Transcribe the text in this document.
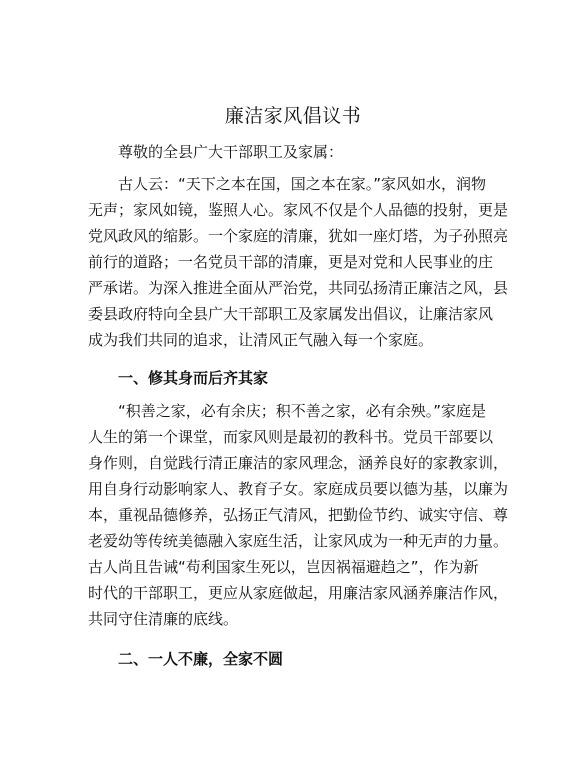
廉洁家风倡议书
尊敬的全县广大干部职工及家属：
古人云：“天下之本在国，国之本在家。”家风如水，润物
无声；家风如镜，鉴照人心。家风不仅是个人品德的投射，更是
党风政风的缩影。一个家庭的清廉，犹如一座灯塔，为子孙照亮
前行的道路；一名党员干部的清廉，更是对党和人民事业的庄
严承诺。为深入推进全面从严治党，共同弘扬清正廉洁之风，县
委县政府特向全县广大干部职工及家属发出倡议，让廉洁家风
成为我们共同的追求，让清风正气融入每一个家庭。
一、修其身而后齐其家
“积善之家，必有余庆；积不善之家，必有余殃。”家庭是
人生的第一个课堂，而家风则是最初的教科书。党员干部要以
身作则，自觉践行清正廉洁的家风理念，涵养良好的家教家训，
用自身行动影响家人、教育子女。家庭成员要以德为基，以廉为
本，重视品德修养，弘扬正气清风，把勤俭节约、诚实守信、尊
老爱幼等传统美德融入家庭生活，让家风成为一种无声的力量。
古人尚且告诫“苟利国家生死以，岂因祸福避趋之”，作为新
时代的干部职工，更应从家庭做起，用廉洁家风涵养廉洁作风，
共同守住清廉的底线。
二、一人不廉，全家不圆
